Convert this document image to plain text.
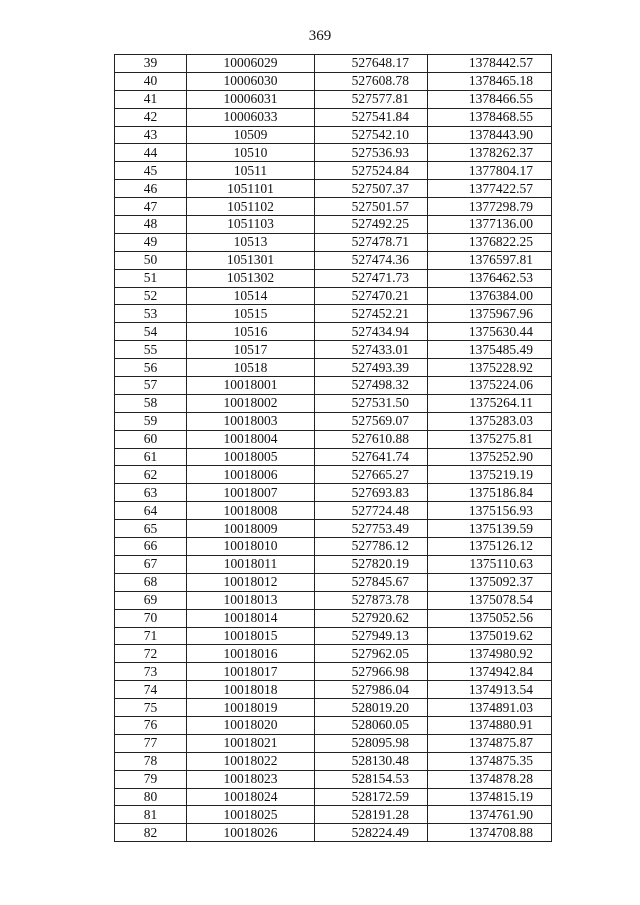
369
39	10006029	527648.17	1378442.57
40	10006030	527608.78	1378465.18
41	10006031	527577.81	1378466.55
42	10006033	527541.84	1378468.55
43	10509	527542.10	1378443.90
44	10510	527536.93	1378262.37
45	10511	527524.84	1377804.17
46	1051101	527507.37	1377422.57
47	1051102	527501.57	1377298.79
48	1051103	527492.25	1377136.00
49	10513	527478.71	1376822.25
50	1051301	527474.36	1376597.81
51	1051302	527471.73	1376462.53
52	10514	527470.21	1376384.00
53	10515	527452.21	1375967.96
54	10516	527434.94	1375630.44
55	10517	527433.01	1375485.49
56	10518	527493.39	1375228.92
57	10018001	527498.32	1375224.06
58	10018002	527531.50	1375264.11
59	10018003	527569.07	1375283.03
60	10018004	527610.88	1375275.81
61	10018005	527641.74	1375252.90
62	10018006	527665.27	1375219.19
63	10018007	527693.83	1375186.84
64	10018008	527724.48	1375156.93
65	10018009	527753.49	1375139.59
66	10018010	527786.12	1375126.12
67	10018011	527820.19	1375110.63
68	10018012	527845.67	1375092.37
69	10018013	527873.78	1375078.54
70	10018014	527920.62	1375052.56
71	10018015	527949.13	1375019.62
72	10018016	527962.05	1374980.92
73	10018017	527966.98	1374942.84
74	10018018	527986.04	1374913.54
75	10018019	528019.20	1374891.03
76	10018020	528060.05	1374880.91
77	10018021	528095.98	1374875.87
78	10018022	528130.48	1374875.35
79	10018023	528154.53	1374878.28
80	10018024	528172.59	1374815.19
81	10018025	528191.28	1374761.90
82	10018026	528224.49	1374708.88
